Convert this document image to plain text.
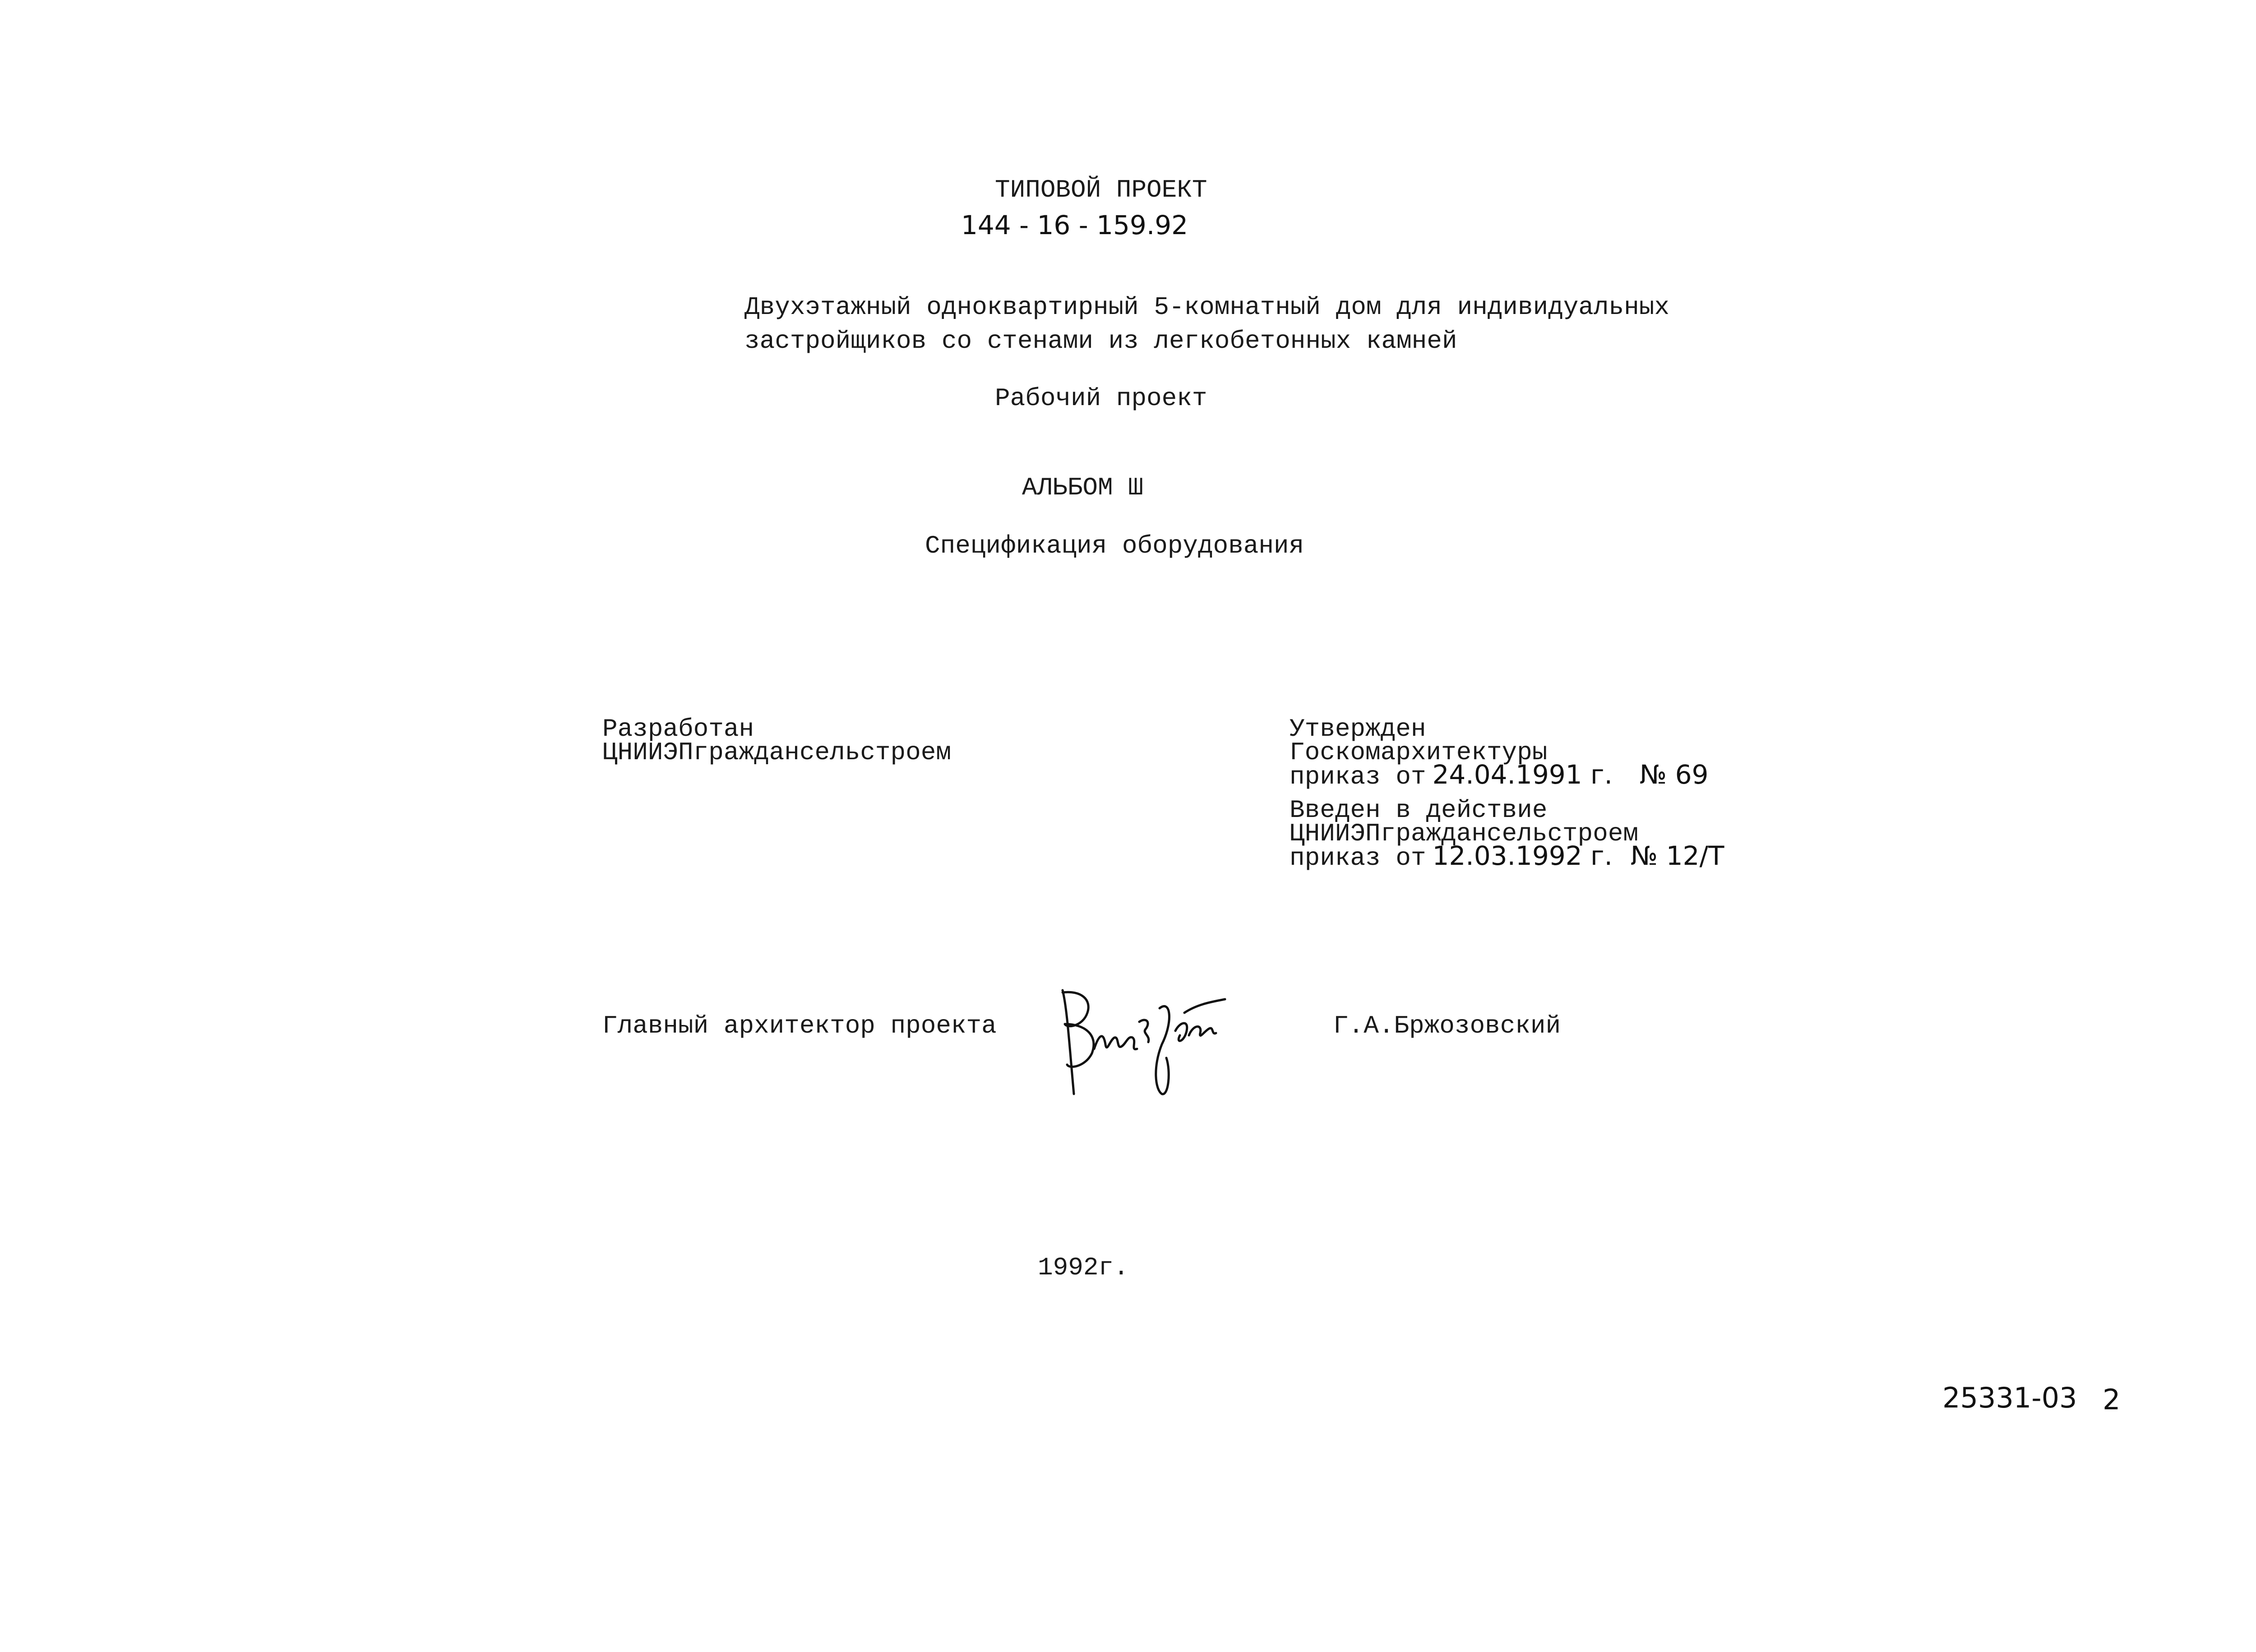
ТИПОВОЙ ПРОЕКТ
144 - 16 - 159.92
Двухэтажный одноквартирный 5-комнатный дом для индивидуальных
застройщиков со стенами из легкобетонных камней
Рабочий проект
АЛЬБОМ Ш
Спецификация оборудования
Разработан
ЦНИИЭПграждансельстроем
Утвержден
Госкомархитектуры
приказ от 24.04.1991 г. № 69
Введен в действие
ЦНИИЭПграждансельстроем
приказ от 12.03.1992 г. № 12/Т
Главный архитектор проекта	Г.А.Бржозовский
1992г.
25331-03 2
